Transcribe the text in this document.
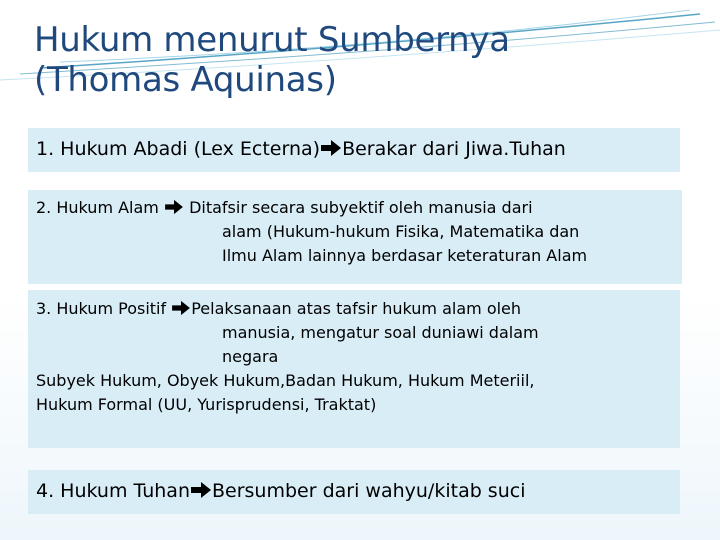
Hukum menurut Sumbernya
(Thomas Aquinas)
1. Hukum Abadi (Lex Ecterna) Berakar dari Jiwa.Tuhan
2. Hukum Alam  Ditafsir secara subyektif oleh manusia dari
alam (Hukum-hukum Fisika, Matematika dan
Ilmu Alam lainnya berdasar keteraturan Alam
3. Hukum Positif Pelaksanaan atas tafsir hukum alam oleh
manusia, mengatur soal duniawi dalam
negara
Subyek Hukum, Obyek Hukum,Badan Hukum, Hukum Meteriil,
Hukum Formal (UU, Yurisprudensi, Traktat)
4. Hukum Tuhan Bersumber dari wahyu/kitab suci
